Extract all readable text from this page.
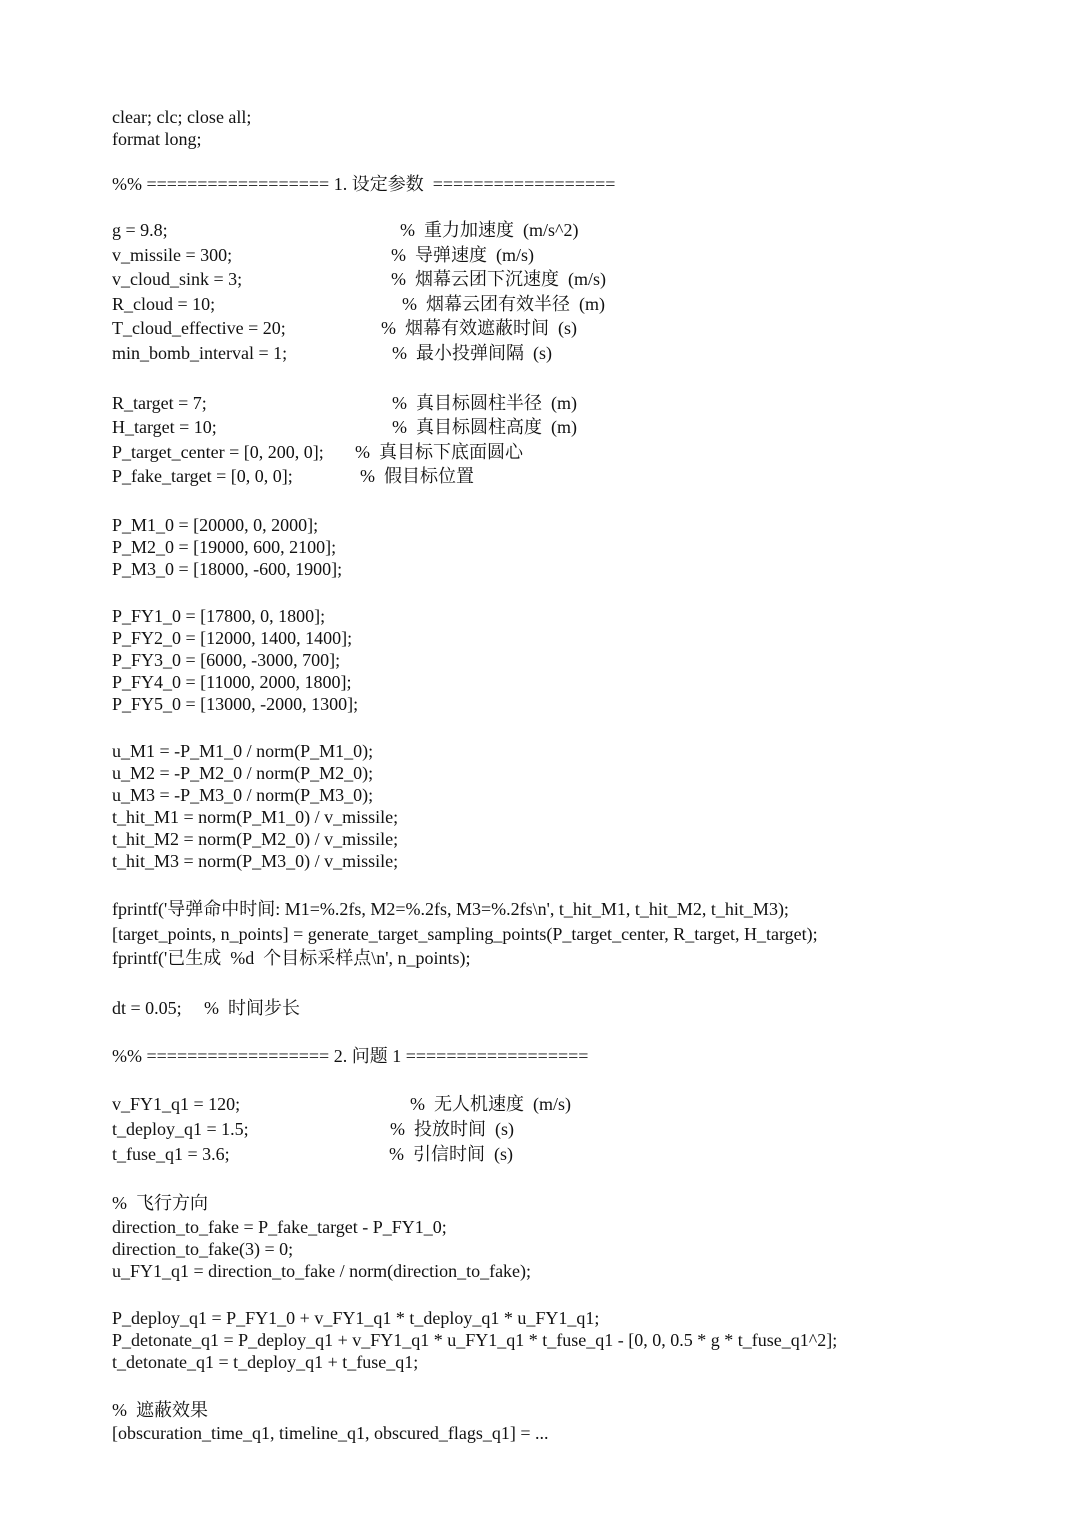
clear; clc; close all;
format long;
%% ================== 1. 设定参数  ==================
g = 9.8;	%  重力加速度  (m/s^2)
v_missile = 300;	%  导弹速度  (m/s)
v_cloud_sink = 3;	%  烟幕云团下沉速度  (m/s)
R_cloud = 10;	%  烟幕云团有效半径  (m)
T_cloud_effective = 20;	%  烟幕有效遮蔽时间  (s)
min_bomb_interval = 1;	%  最小投弹间隔  (s)
R_target = 7;	%  真目标圆柱半径  (m)
H_target = 10;	%  真目标圆柱高度  (m)
P_target_center = [0, 200, 0]; %  真目标下底面圆心
P_fake_target = [0, 0, 0];	%  假目标位置
P_M1_0 = [20000, 0, 2000];
P_M2_0 = [19000, 600, 2100];
P_M3_0 = [18000, -600, 1900];
P_FY1_0 = [17800, 0, 1800];
P_FY2_0 = [12000, 1400, 1400];
P_FY3_0 = [6000, -3000, 700];
P_FY4_0 = [11000, 2000, 1800];
P_FY5_0 = [13000, -2000, 1300];
u_M1 = -P_M1_0 / norm(P_M1_0);
u_M2 = -P_M2_0 / norm(P_M2_0);
u_M3 = -P_M3_0 / norm(P_M3_0);
t_hit_M1 = norm(P_M1_0) / v_missile;
t_hit_M2 = norm(P_M2_0) / v_missile;
t_hit_M3 = norm(P_M3_0) / v_missile;
fprintf('导弹命中时间: M1=%.2fs, M2=%.2fs, M3=%.2fs\n', t_hit_M1, t_hit_M2, t_hit_M3);
[target_points, n_points] = generate_target_sampling_points(P_target_center, R_target, H_target);
fprintf('已生成  %d  个目标采样点\n', n_points);
dt = 0.05; %  时间步长
%% ================== 2. 问题 1 ==================
v_FY1_q1 = 120;	%  无人机速度  (m/s)
t_deploy_q1 = 1.5;	%  投放时间  (s)
t_fuse_q1 = 3.6;	%  引信时间  (s)
%  飞行方向
direction_to_fake = P_fake_target - P_FY1_0;
direction_to_fake(3) = 0;
u_FY1_q1 = direction_to_fake / norm(direction_to_fake);
P_deploy_q1 = P_FY1_0 + v_FY1_q1 * t_deploy_q1 * u_FY1_q1;
P_detonate_q1 = P_deploy_q1 + v_FY1_q1 * u_FY1_q1 * t_fuse_q1 - [0, 0, 0.5 * g * t_fuse_q1^2];
t_detonate_q1 = t_deploy_q1 + t_fuse_q1;
%  遮蔽效果
[obscuration_time_q1, timeline_q1, obscured_flags_q1] = ...
